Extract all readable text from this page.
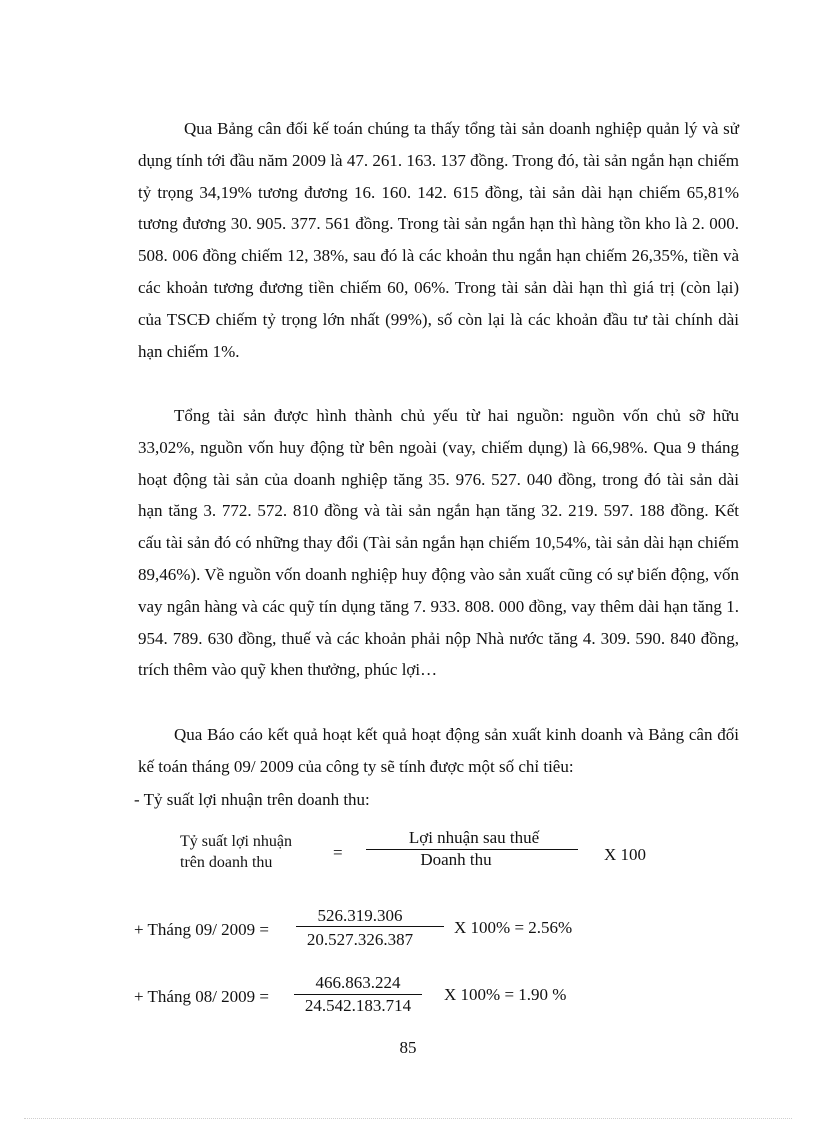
Qua Bảng cân đối kế toán chúng ta thấy tổng tài sản doanh nghiệp quản lý và sử dụng tính tới đầu năm 2009 là 47. 261. 163. 137 đồng. Trong đó, tài sản ngắn hạn chiếm tỷ trọng 34,19% tương đương 16. 160. 142. 615 đồng, tài sản dài hạn chiếm 65,81% tương đương 30. 905. 377. 561 đồng. Trong tài sản ngắn hạn thì hàng tồn kho là 2. 000. 508. 006 đồng chiếm 12, 38%, sau đó là các khoản thu ngắn hạn chiếm 26,35%, tiền và các khoản tương đương tiền chiếm 60, 06%. Trong tài sản dài hạn thì giá trị (còn lại) của TSCĐ chiếm tỷ trọng lớn nhất (99%), số còn lại là các khoản đầu tư tài chính dài hạn chiếm 1%.

Tổng tài sản được hình thành chủ yếu từ hai nguồn: nguồn vốn chủ sỡ hữu 33,02%, nguồn vốn huy động từ bên ngoài (vay, chiếm dụng) là 66,98%. Qua 9 tháng hoạt động tài sản của doanh nghiệp tăng 35. 976. 527. 040 đồng, trong đó tài sản dài hạn tăng 3. 772. 572. 810 đồng và tài sản ngắn hạn tăng 32. 219. 597. 188 đồng. Kết cấu tài sản đó có những thay đổi (Tài sản ngắn hạn chiếm 10,54%, tài sản dài hạn chiếm 89,46%). Về nguồn vốn doanh nghiệp huy động vào sản xuất cũng có sự biến động, vốn vay ngân hàng và các quỹ tín dụng tăng 7. 933. 808. 000 đồng, vay thêm dài hạn tăng 1. 954. 789. 630 đồng, thuế và các khoản phải nộp Nhà nước tăng 4. 309. 590. 840 đồng, trích thêm vào quỹ khen thưởng, phúc lợi…

Qua Báo cáo kết quả hoạt kết quả hoạt động sản xuất kinh doanh và Bảng cân đối kế toán tháng 09/ 2009 của công ty sẽ tính được một số chỉ tiêu:

- Tỷ suất lợi nhuận trên doanh thu:

Tỷ suất lợi nhuận
trên doanh thu
=
Lợi nhuận sau thuế
Doanh thu	X 100
+ Tháng 09/ 2009 =
526.319.306
20.527.326.387
X 100% = 2.56%
+ Tháng 08/ 2009 =
466.863.224
24.542.183.714
X 100% = 1.90 %
85
